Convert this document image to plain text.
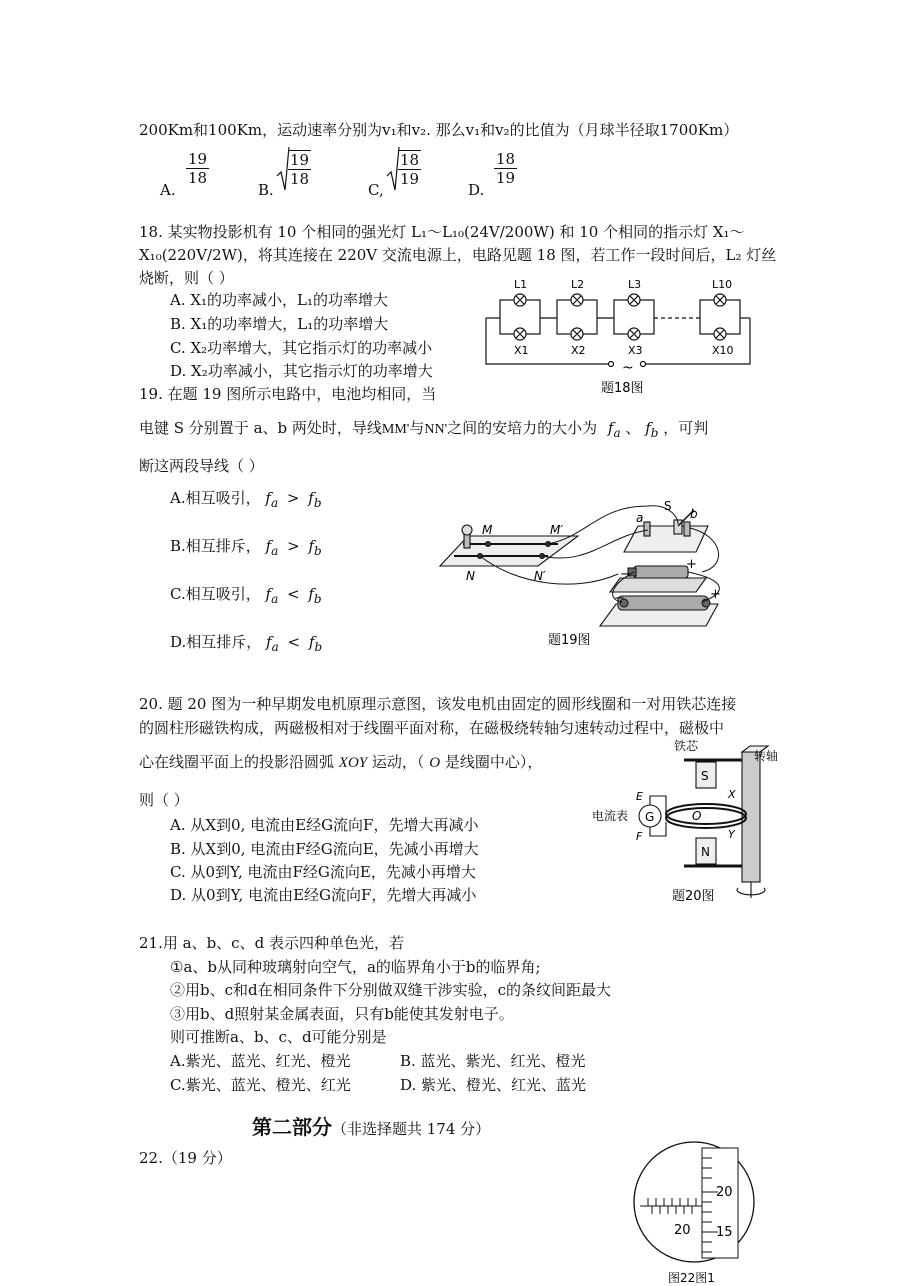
200Km和100Km，运动速率分别为v₁和v₂. 那么v₁和v₂的比值为（月球半径取1700Km）
A.
$\frac{19}{18}$
B.
$\frac{19}{18}$
C,
$\frac{18}{19}$
D.
$\frac{18}{19}$
18. 某实物投影机有 10 个相同的强光灯 L₁～L₁₀(24V/200W) 和 10 个相同的指示灯 X₁～
X₁₀(220V/2W)，将其连接在 220V 交流电源上，电路见题 18 图，若工作一段时间后，L₂ 灯丝
烧断，则（ ）
A. X₁的功率减小，L₁的功率增大
B. X₁的功率增大，L₁的功率增大
C. X₂功率增大，其它指示灯的功率减小
D. X₂功率减小，其它指示灯的功率增大
L1	L2	L3	L10
X1	X2	X3	X10
~
题18图
19. 在题 19 图所示电路中，电池均相同，当
电键 S 分别置于 a、b 两处时，导线MM'与NN'之间的安培力的大小为 $f_a$ 、 $f_b$ ，可判
断这两段导线（ ）
A.相互吸引， $f_a > f_b$
B.相互排斥， $f_a > f_b$
C.相互吸引， $f_a < f_b$
D.相互排斥， $f_a < f_b$
M	M′
N	N′
S
a	b
−
+
−	+
题19图
20. 题 20 图为一种早期发电机原理示意图，该发电机由固定的圆形线圈和一对用铁芯连接
的圆柱形磁铁构成，两磁极相对于线圈平面对称，在磁极绕转轴匀速转动过程中，磁极中
心在线圈平面上的投影沿圆弧 XOY 运动，（ O 是线圈中心），
则（ ）
A. 从X到0, 电流由E经G流向F，先增大再减小
B. 从X到0, 电流由F经G流向E，先减小再增大
C. 从0到Y, 电流由F经G流向E，先减小再增大
D. 从0到Y, 电流由E经G流向F，先增大再减小
铁芯
转轴
电流表 G
E
F
S
N
X
Y
O
题20图
21.用 a、b、c、d 表示四种单色光，若
①a、b从同种玻璃射向空气，a的临界角小于b的临界角;
②用b、c和d在相同条件下分别做双缝干涉实验，c的条纹间距最大
③用b、d照射某金属表面，只有b能使其发射电子。
则可推断a、b、c、d可能分别是
A.紫光、蓝光、红光、橙光	B. 蓝光、紫光、红光、橙光
C.紫光、蓝光、橙光、红光	D. 紫光、橙光、红光、蓝光
第二部分（非选择题共 174 分）
22.（19 分）
20
15
20
图22图1
